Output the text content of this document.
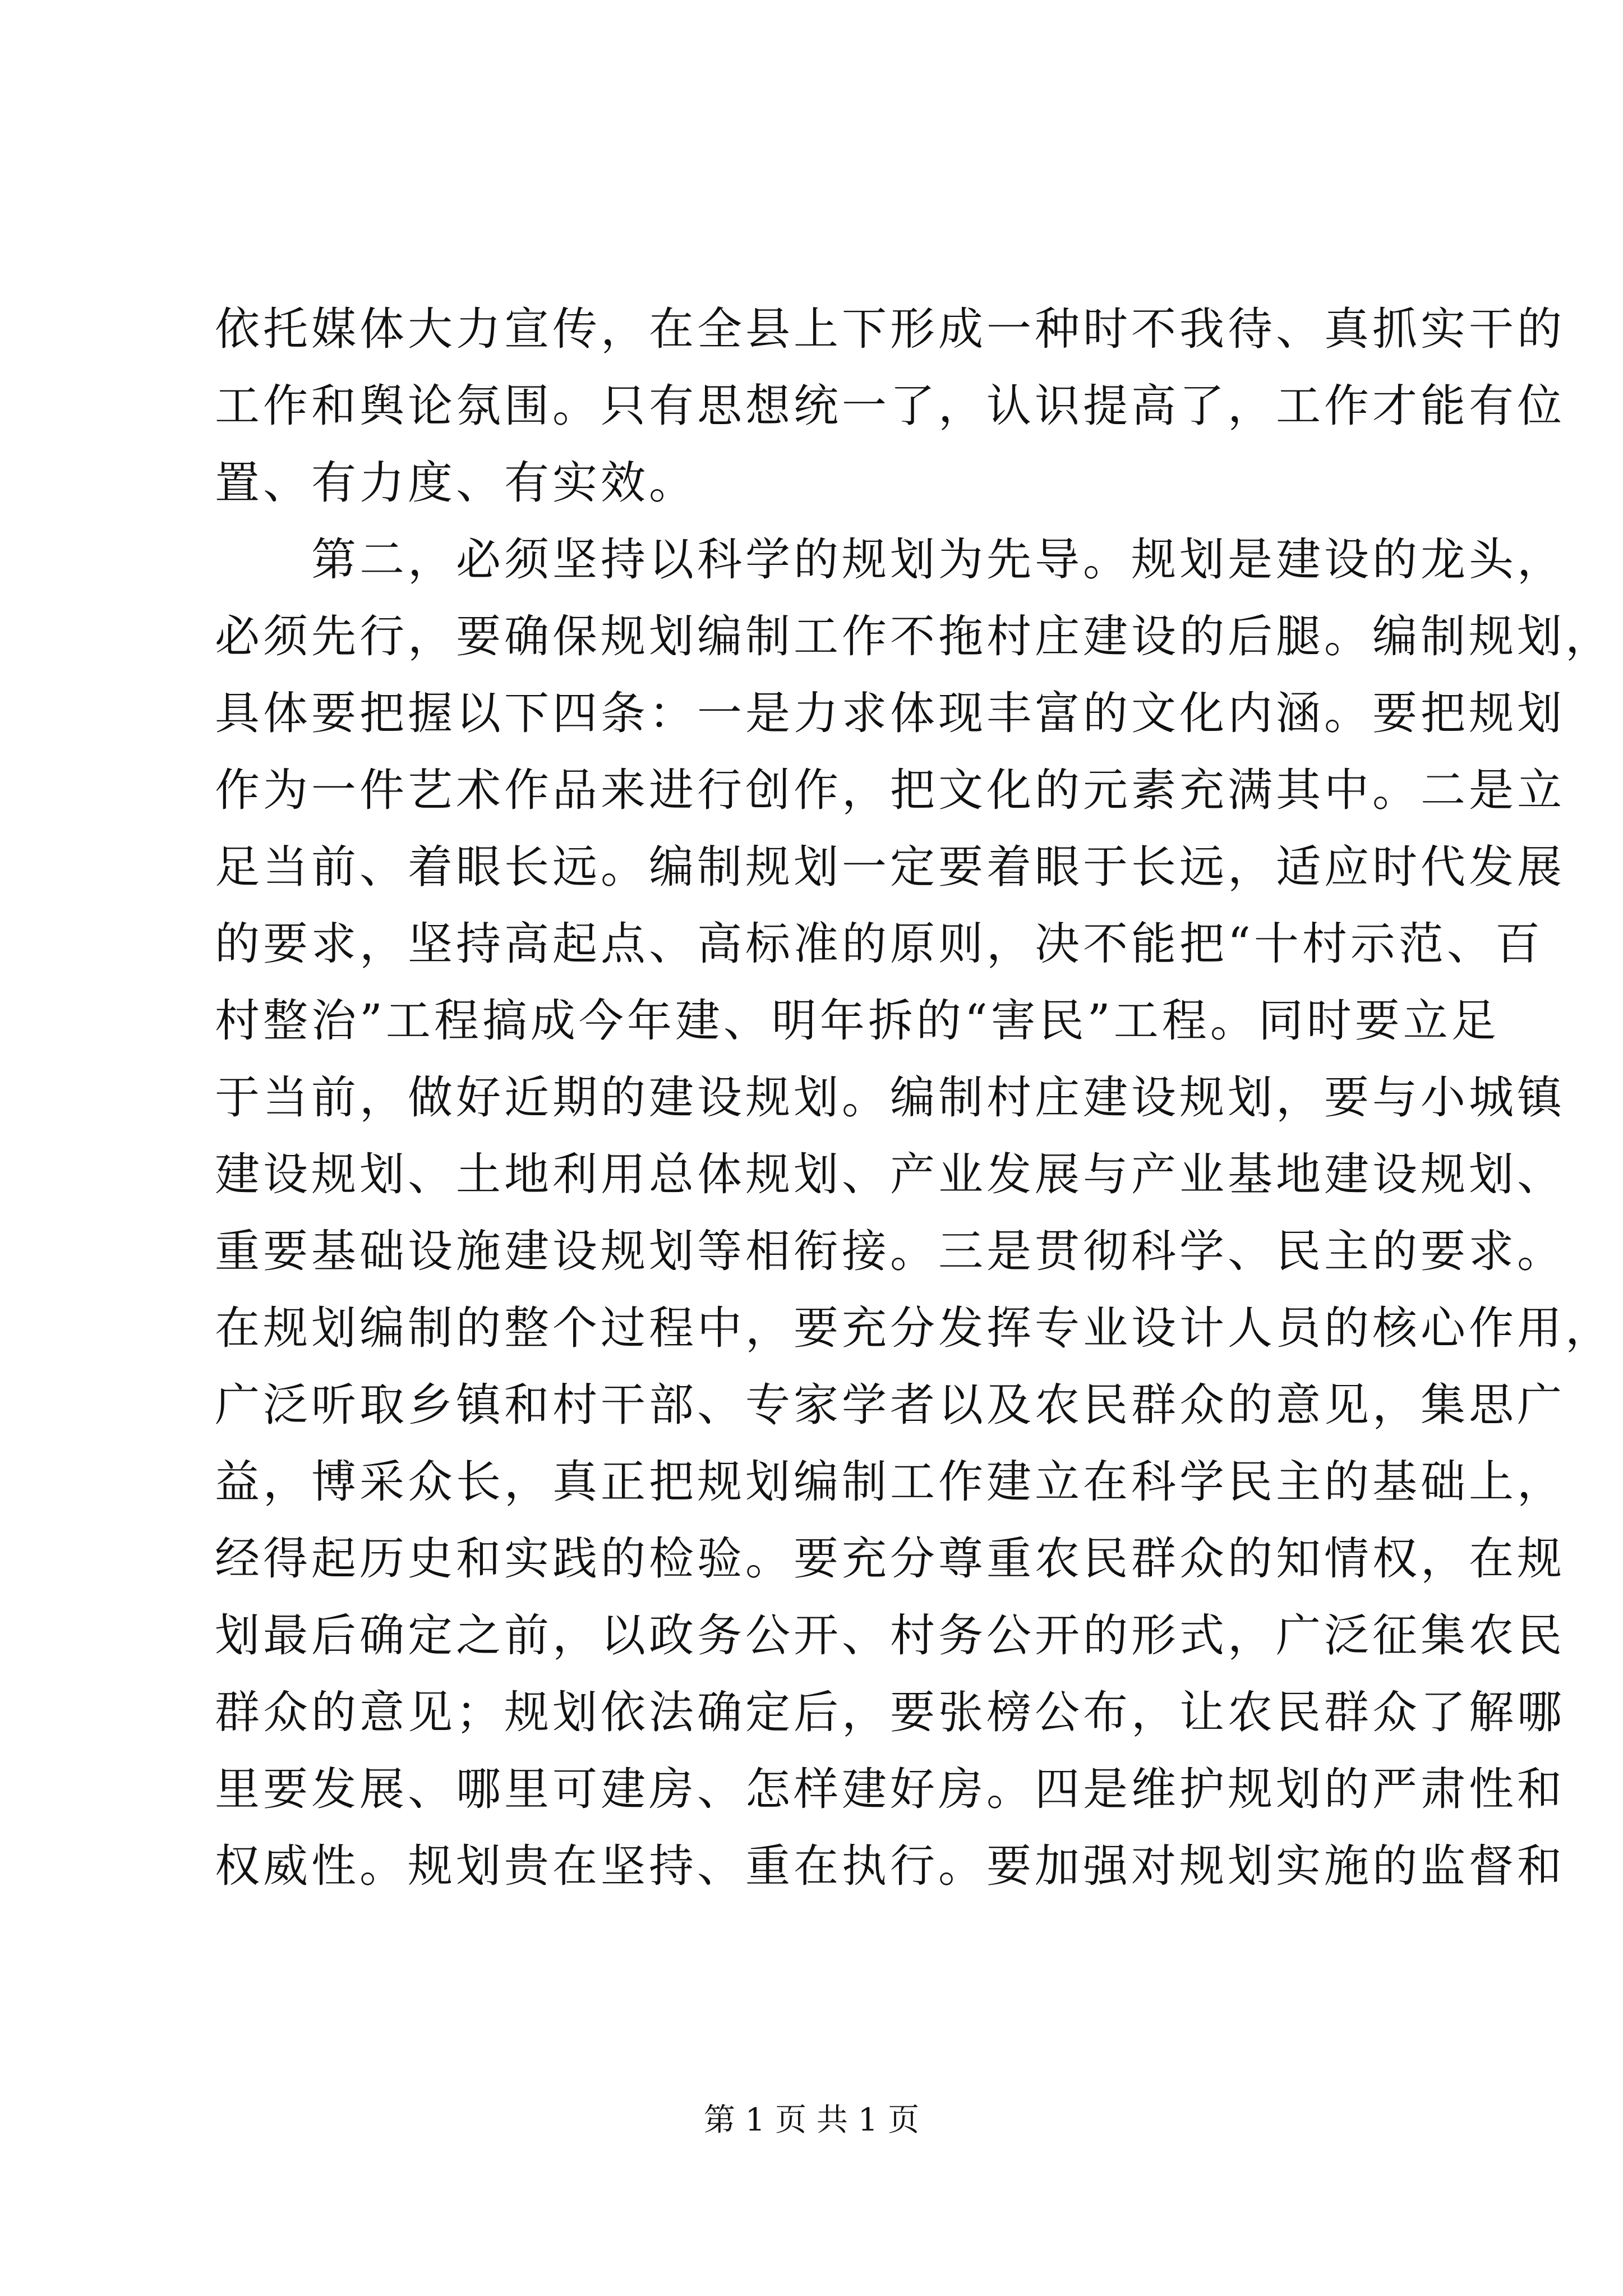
依托媒体大力宣传，在全县上下形成一种时不我待、真抓实干的
工作和舆论氛围。只有思想统一了，认识提高了，工作才能有位
置、有力度、有实效。
　　第二，必须坚持以科学的规划为先导。规划是建设的龙头，
必须先行，要确保规划编制工作不拖村庄建设的后腿。编制规划，
具体要把握以下四条：一是力求体现丰富的文化内涵。要把规划
作为一件艺术作品来进行创作，把文化的元素充满其中。二是立
足当前、着眼长远。编制规划一定要着眼于长远，适应时代发展
的要求，坚持高起点、高标准的原则，决不能把“十村示范、百
村整治”工程搞成今年建、明年拆的“害民”工程。同时要立足
于当前，做好近期的建设规划。编制村庄建设规划，要与小城镇
建设规划、土地利用总体规划、产业发展与产业基地建设规划、
重要基础设施建设规划等相衔接。三是贯彻科学、民主的要求。
在规划编制的整个过程中，要充分发挥专业设计人员的核心作用，
广泛听取乡镇和村干部、专家学者以及农民群众的意见，集思广
益，博采众长，真正把规划编制工作建立在科学民主的基础上，
经得起历史和实践的检验。要充分尊重农民群众的知情权，在规
划最后确定之前，以政务公开、村务公开的形式，广泛征集农民
群众的意见；规划依法确定后，要张榜公布，让农民群众了解哪
里要发展、哪里可建房、怎样建好房。四是维护规划的严肃性和
权威性。规划贵在坚持、重在执行。要加强对规划实施的监督和
第 1 页 共 1 页
